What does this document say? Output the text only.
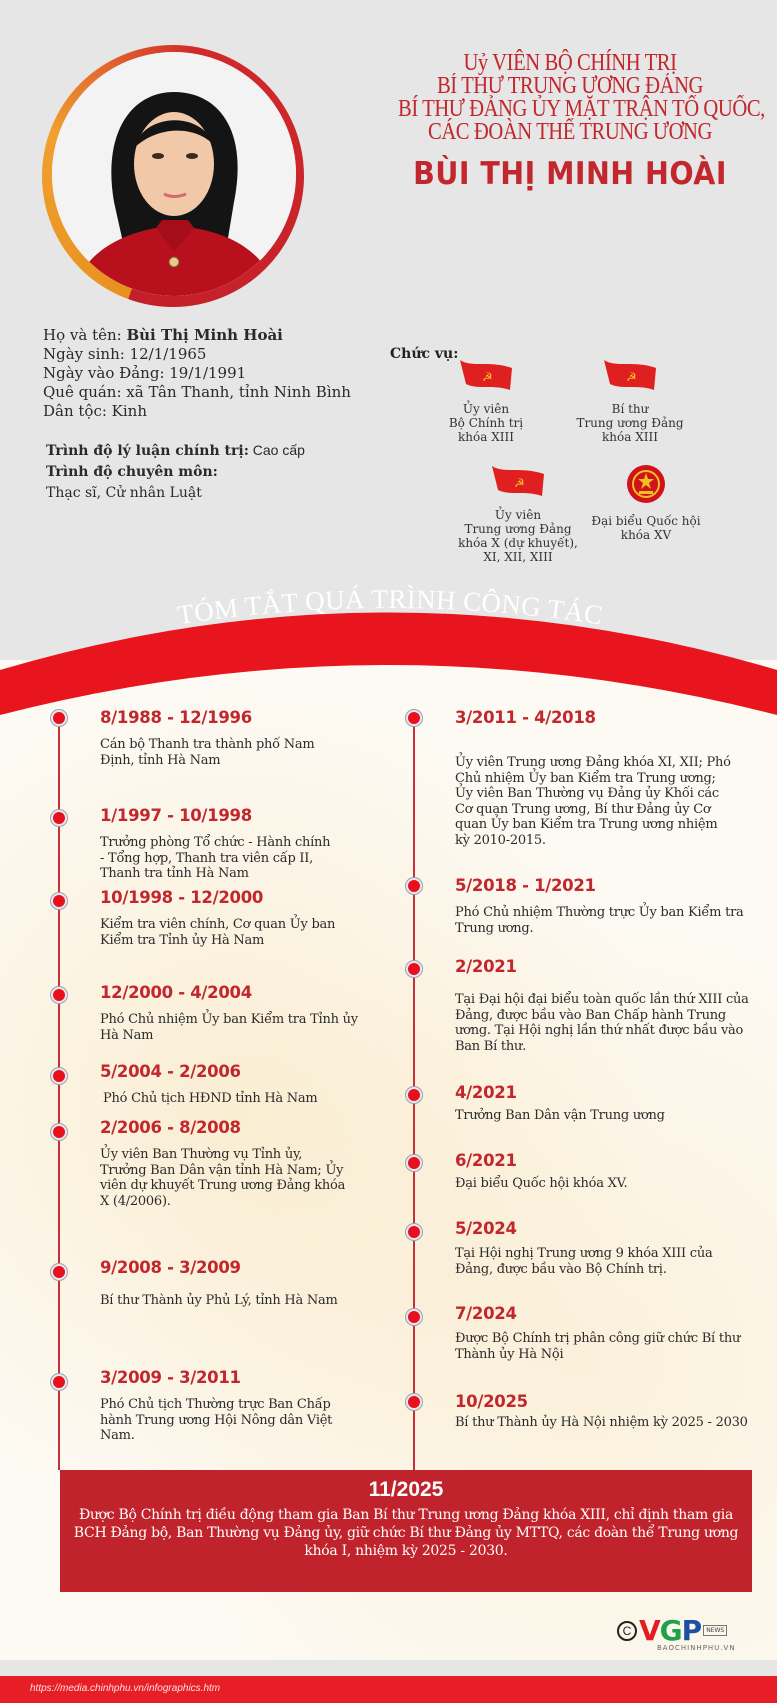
Uỷ VIÊN BỘ CHÍNH TRỊ
BÍ THƯ TRUNG ƯƠNG ĐẢNG
BÍ THƯ ĐẢNG ỦY MẶT TRẬN TỔ QUỐC,
CÁC ĐOÀN THỂ TRUNG ƯƠNG
BÙI THỊ MINH HOÀI
Họ và tên: Bùi Thị Minh Hoài
Ngày sinh: 12/1/1965
Ngày vào Đảng: 19/1/1991
Quê quán: xã Tân Thanh, tỉnh Ninh Bình
Dân tộc: Kinh
Trình độ lý luận chính trị: Cao cấp
Trình độ chuyên môn:
Thạc sĩ, Cử nhân Luật
Chức vụ:
☭
Ủy viên
Bộ Chính trị
khóa XIII
☭
Bí thư
Trung ương Đảng
khóa XIII
☭
Ủy viên
Trung ương Đảng
khóa X (dự khuyết),
XI, XII, XIII
Đại biểu Quốc hội
khóa XV
TÓM TẮT QUÁ TRÌNH CÔNG TÁC
8/1988 - 12/1996
Cán bộ Thanh tra thành phố Nam Định, tỉnh Hà Nam
1/1997 - 10/1998
Trưởng phòng Tổ chức - Hành chính - Tổng hợp, Thanh tra viên cấp II, Thanh tra tỉnh Hà Nam
10/1998 - 12/2000
Kiểm tra viên chính, Cơ quan Ủy ban Kiểm tra Tỉnh ủy Hà Nam
12/2000 - 4/2004
Phó Chủ nhiệm Ủy ban Kiểm tra Tỉnh ủy Hà Nam
5/2004 - 2/2006
Phó Chủ tịch HĐND tỉnh Hà Nam
2/2006 - 8/2008
Ủy viên Ban Thường vụ Tỉnh ủy, Trưởng Ban Dân vận tỉnh Hà Nam; Ủy viên dự khuyết Trung ương Đảng khóa X (4/2006).
9/2008 - 3/2009
Bí thư Thành ủy Phủ Lý, tỉnh Hà Nam
3/2009 - 3/2011
Phó Chủ tịch Thường trực Ban Chấp hành Trung ương Hội Nông dân Việt Nam.
3/2011 - 4/2018
Ủy viên Trung ương Đảng khóa XI, XII; Phó Chủ nhiệm Ủy ban Kiểm tra Trung ương; Ủy viên Ban Thường vụ Đảng ủy Khối các Cơ quan Trung ương, Bí thư Đảng ủy Cơ quan Ủy ban Kiểm tra Trung ương nhiệm kỳ 2010-2015.
5/2018 - 1/2021
Phó Chủ nhiệm Thường trực Ủy ban Kiểm tra Trung ương.
2/2021
Tại Đại hội đại biểu toàn quốc lần thứ XIII của Đảng, được bầu vào Ban Chấp hành Trung ương. Tại Hội nghị lần thứ nhất được bầu vào Ban Bí thư.
4/2021
Trưởng Ban Dân vận Trung ương
6/2021
Đại biểu Quốc hội khóa XV.
5/2024
Tại Hội nghị Trung ương 9 khóa XIII của Đảng, được bầu vào Bộ Chính trị.
7/2024
Được Bộ Chính trị phân công giữ chức Bí thư Thành ủy Hà Nội
10/2025
Bí thư Thành ủy Hà Nội nhiệm kỳ 2025 - 2030
11/2025
Được Bộ Chính trị điều động tham gia Ban Bí thư Trung ương Đảng khóa XIII, chỉ định tham gia BCH Đảng bộ, Ban Thường vụ Đảng ủy, giữ chức Bí thư Đảng ủy MTTQ, các đoàn thể Trung ương khóa I, nhiệm kỳ 2025 - 2030.
C VGP NEWS
BAOCHINHPHU.VN
https://media.chinhphu.vn/infographics.htm
